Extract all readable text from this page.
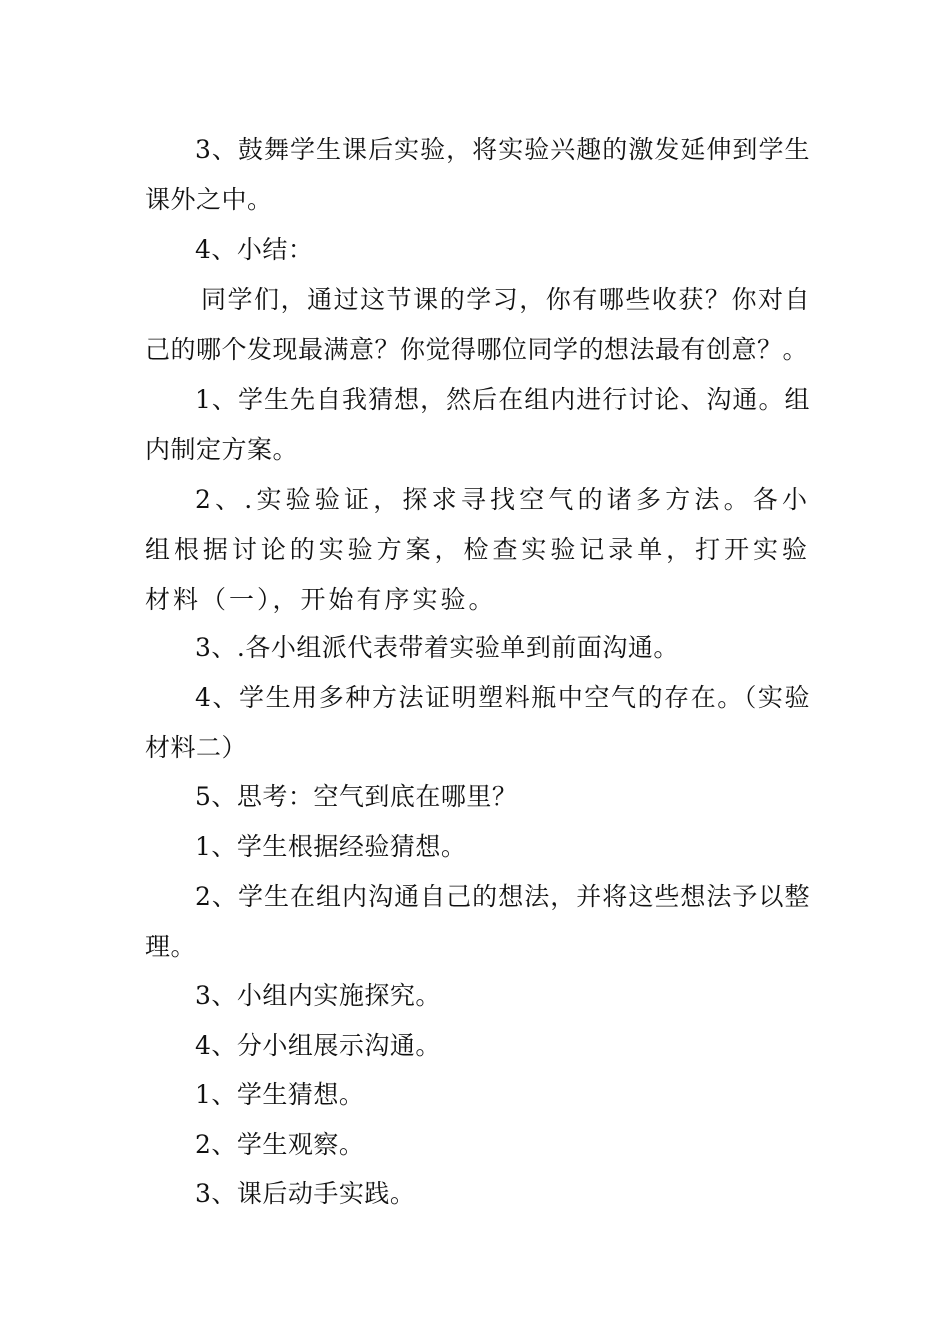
3、鼓舞学生课后实验，将实验兴趣的激发延伸到学生课外之中。

4、小结：

同学们，通过这节课的学习，你有哪些收获？你对自己的哪个发现最满意？你觉得哪位同学的想法最有创意？。

1、学生先自我猜想，然后在组内进行讨论、沟通。组内制定方案。

2、.实验验证，探求寻找空气的诸多方法。各小组根据讨论的实验方案，检查实验记录单，打开实验材料（一），开始有序实验。

3、.各小组派代表带着实验单到前面沟通。

4、学生用多种方法证明塑料瓶中空气的存在。（实验材料二）

5、思考：空气到底在哪里？

1、学生根据经验猜想。

2、学生在组内沟通自己的想法，并将这些想法予以整理。

3、小组内实施探究。

4、分小组展示沟通。

1、学生猜想。

2、学生观察。

3、课后动手实践。
